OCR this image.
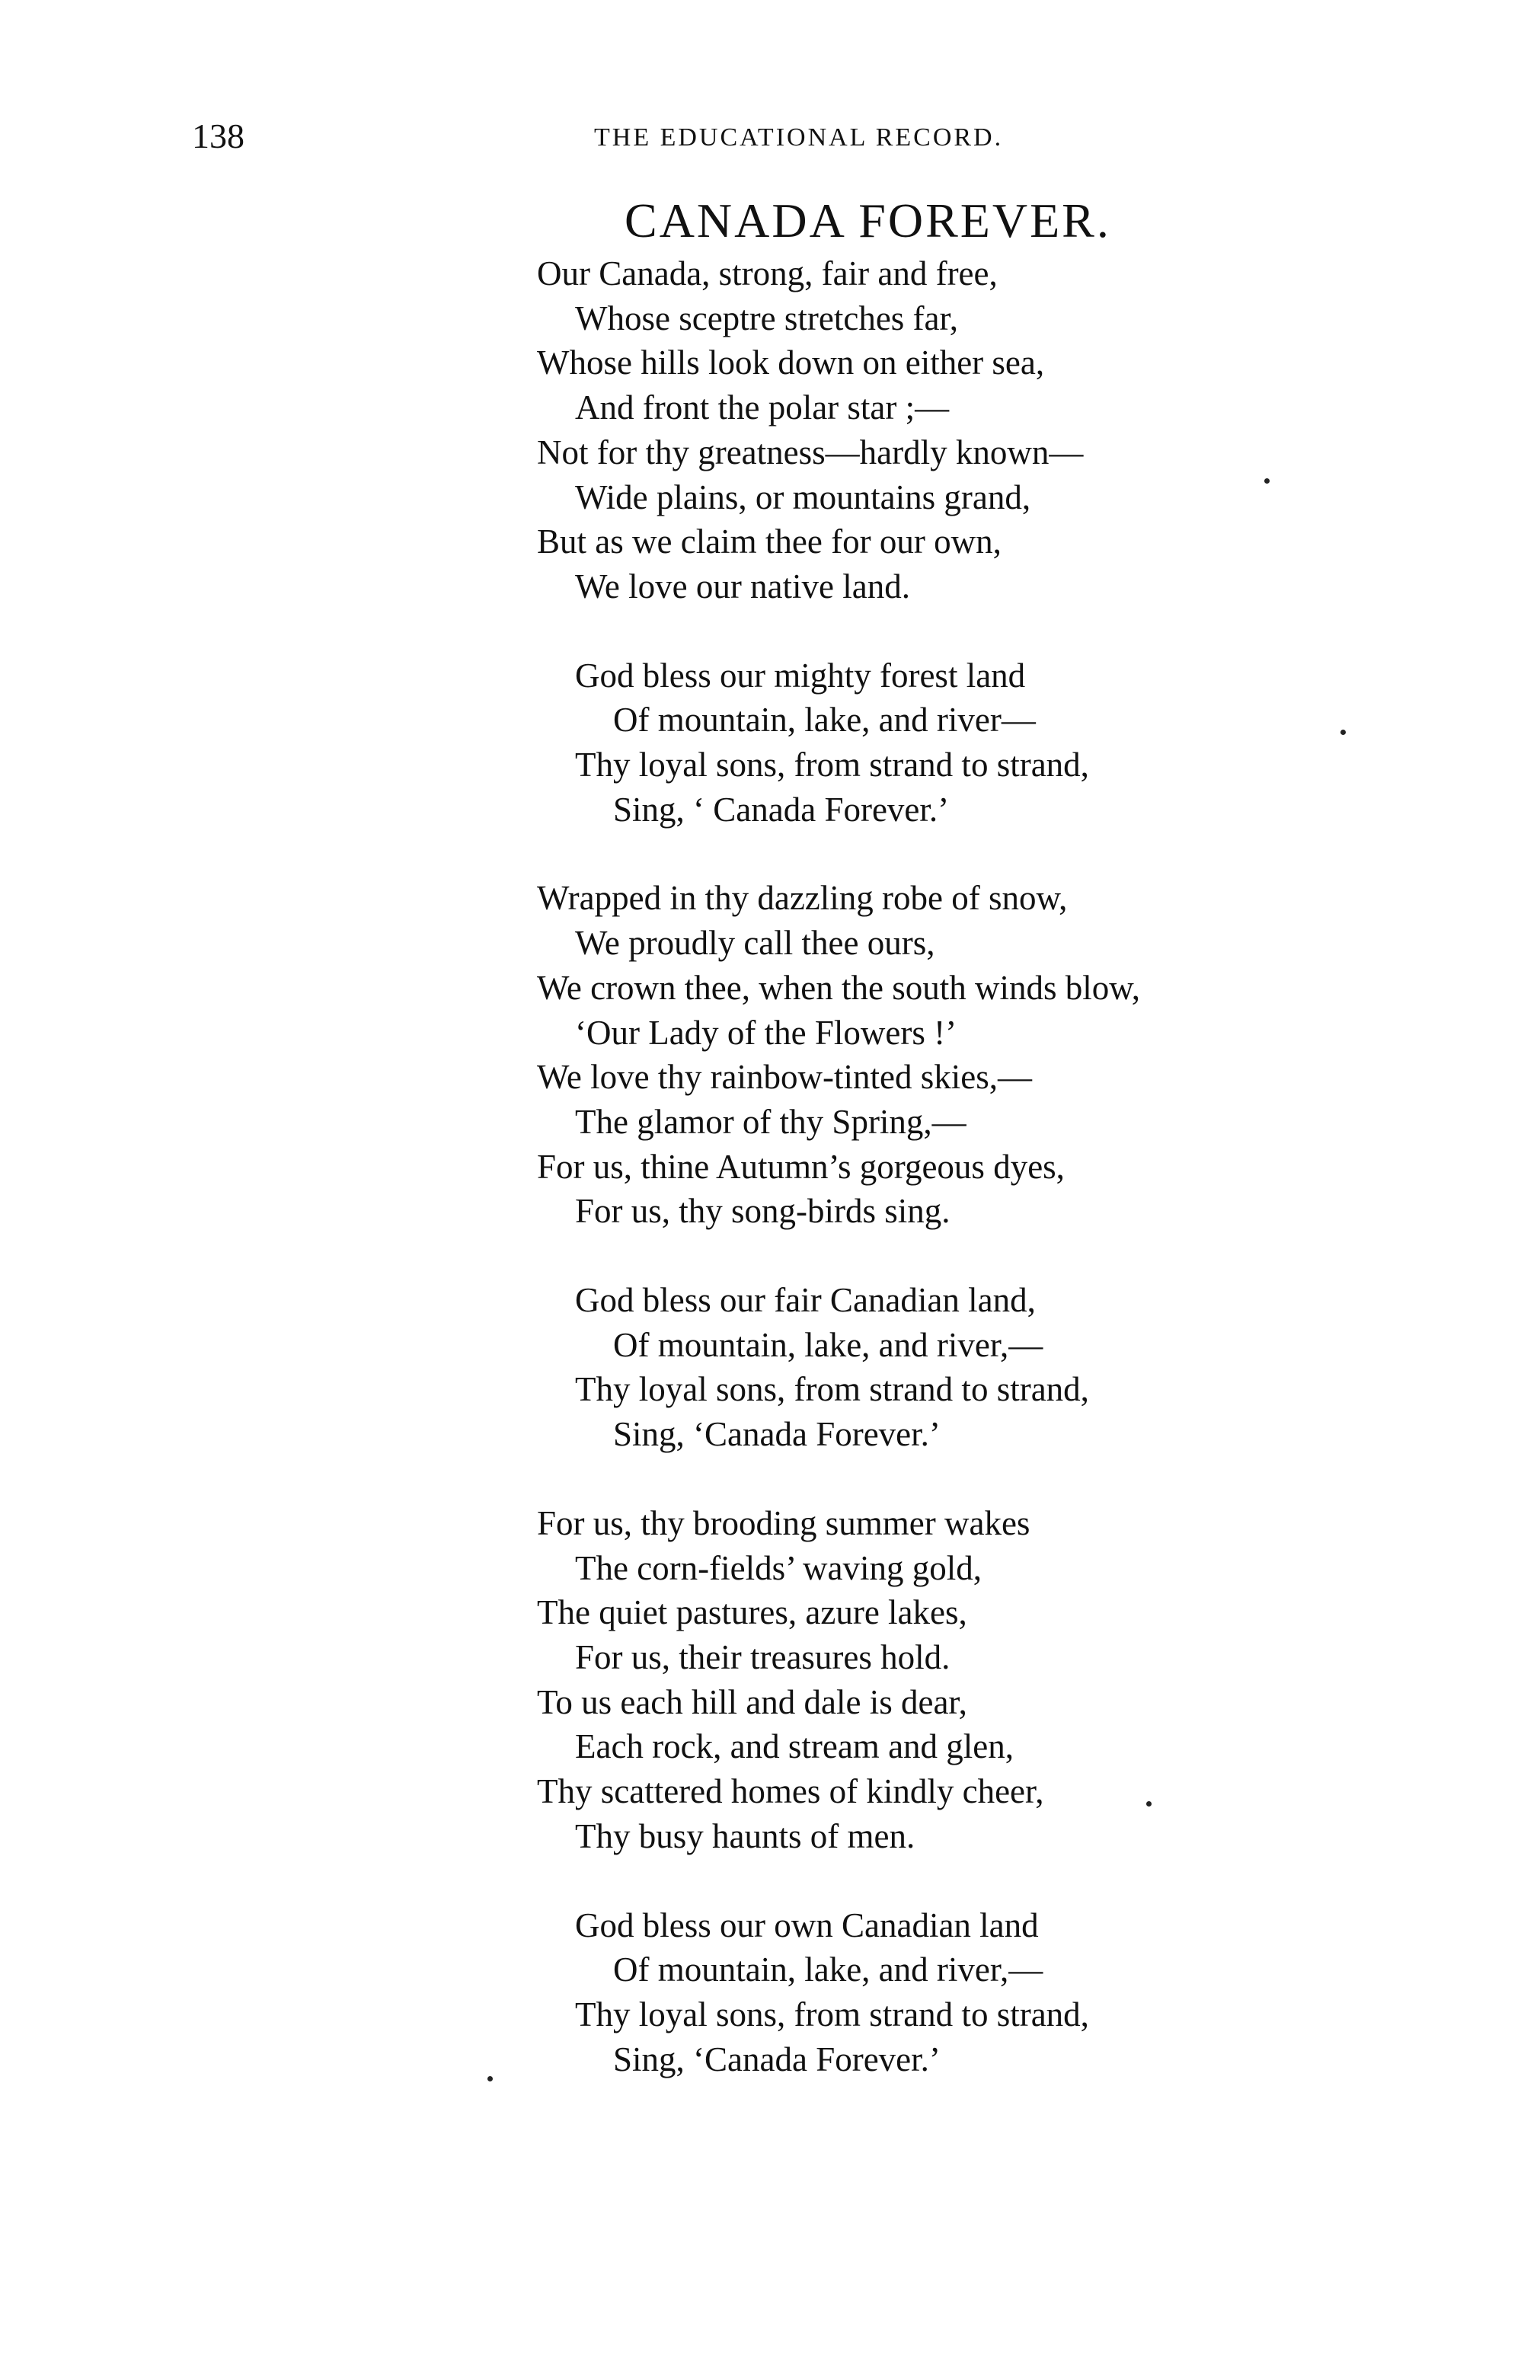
138	THE EDUCATIONAL RECORD.
CANADA FOREVER.
Our Canada, strong, fair and free,
Whose sceptre stretches far,
Whose hills look down on either sea,
And front the polar star ;—
Not for thy greatness—hardly known—
Wide plains, or mountains grand,
But as we claim thee for our own,
We love our native land.
God bless our mighty forest land
Of mountain, lake, and river—
Thy loyal sons, from strand to strand,
Sing, ‘ Canada Forever.’
Wrapped in thy dazzling robe of snow,
We proudly call thee ours,
We crown thee, when the south winds blow,
‘Our Lady of the Flowers !’
We love thy rainbow-tinted skies,—
The glamor of thy Spring,—
For us, thine Autumn’s gorgeous dyes,
For us, thy song-birds sing.
God bless our fair Canadian land,
Of mountain, lake, and river,—
Thy loyal sons, from strand to strand,
Sing, ‘Canada Forever.’
For us, thy brooding summer wakes
The corn-fields’ waving gold,
The quiet pastures, azure lakes,
For us, their treasures hold.
To us each hill and dale is dear,
Each rock, and stream and glen,
Thy scattered homes of kindly cheer,
Thy busy haunts of men.
God bless our own Canadian land
Of mountain, lake, and river,—
Thy loyal sons, from strand to strand,
Sing, ‘Canada Forever.’
